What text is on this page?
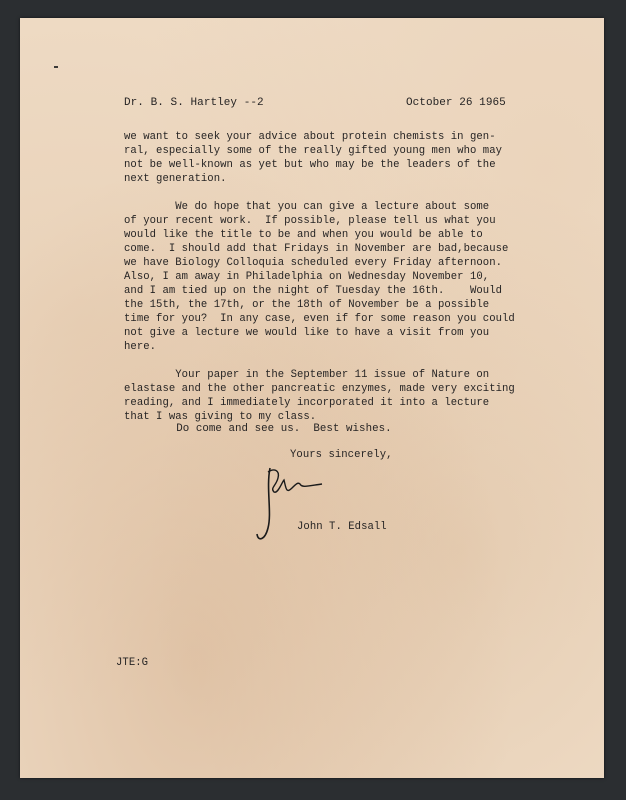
Dr. B. S. Hartley --2	October 26 1965
we want to seek your advice about protein chemists in gen-
ral, especially some of the really gifted young men who may
not be well-known as yet but who may be the leaders of the
next generation.
We do hope that you can give a lecture about some
of your recent work.  If possible, please tell us what you
would like the title to be and when you would be able to
come.  I should add that Fridays in November are bad,because
we have Biology Colloquia scheduled every Friday afternoon.
Also, I am away in Philadelphia on Wednesday November 10,
and I am tied up on the night of Tuesday the 16th.    Would
the 15th, the 17th, or the 18th of November be a possible
time for you?  In any case, even if for some reason you could
not give a lecture we would like to have a visit from you
here.
Your paper in the September 11 issue of Nature on
elastase and the other pancreatic enzymes, made very exciting
reading, and I immediately incorporated it into a lecture
that I was giving to my class.
Do come and see us.  Best wishes.
Yours sincerely,
John T. Edsall
JTE:G
